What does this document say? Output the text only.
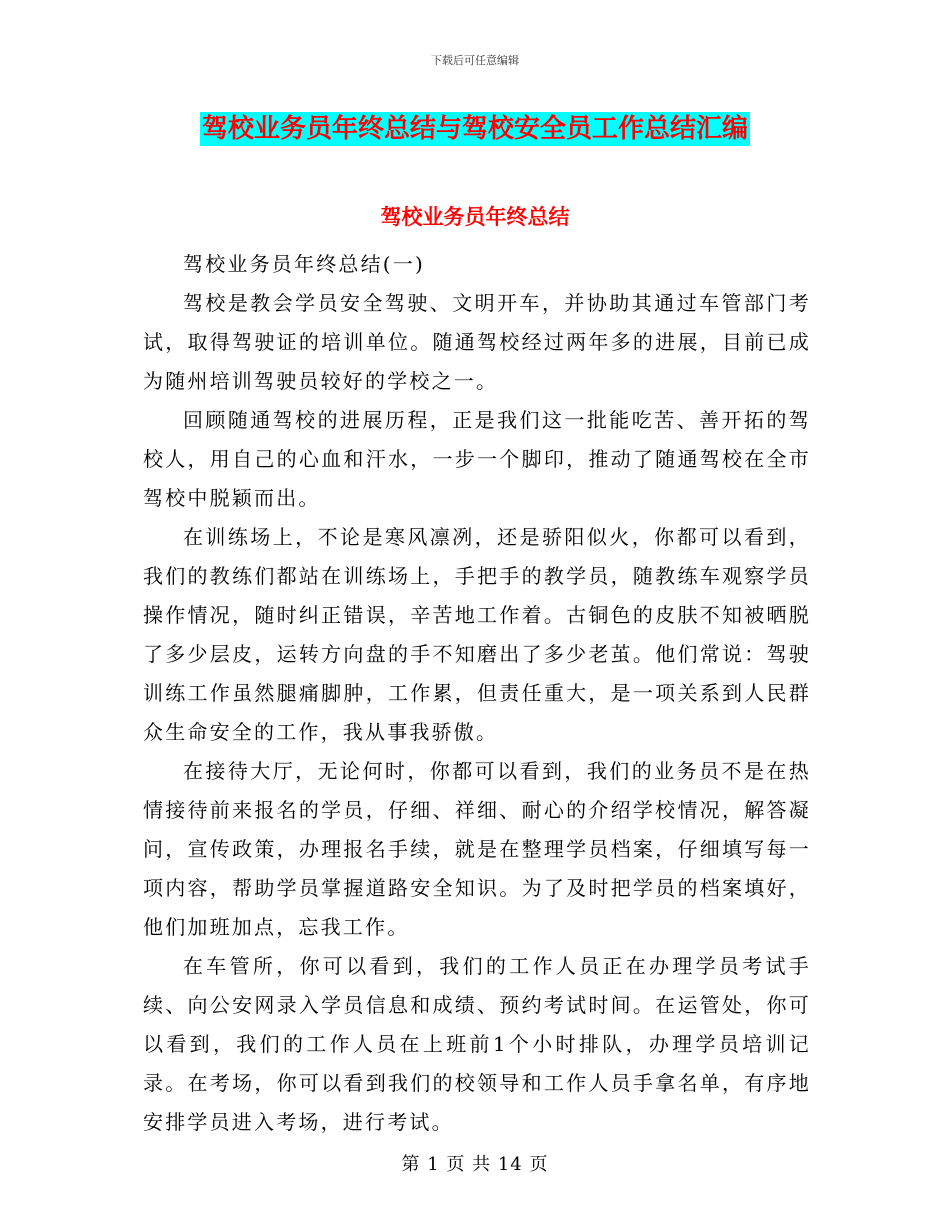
下载后可任意编辑
驾校业务员年终总结与驾校安全员工作总结汇编
驾校业务员年终总结

驾校业务员年终总结(一)

驾校是教会学员安全驾驶、文明开车，并协助其通过车管部门考试，取得驾驶证的培训单位。随通驾校经过两年多的进展，目前已成为随州培训驾驶员较好的学校之一。

回顾随通驾校的进展历程，正是我们这一批能吃苦、善开拓的驾校人，用自己的心血和汗水，一步一个脚印，推动了随通驾校在全市驾校中脱颖而出。

在训练场上，不论是寒风凛冽，还是骄阳似火，你都可以看到，我们的教练们都站在训练场上，手把手的教学员，随教练车观察学员操作情况，随时纠正错误，辛苦地工作着。古铜色的皮肤不知被晒脱了多少层皮，运转方向盘的手不知磨出了多少老茧。他们常说：驾驶训练工作虽然腿痛脚肿，工作累，但责任重大，是一项关系到人民群众生命安全的工作，我从事我骄傲。

在接待大厅，无论何时，你都可以看到，我们的业务员不是在热情接待前来报名的学员，仔细、祥细、耐心的介绍学校情况，解答凝问，宣传政策，办理报名手续，就是在整理学员档案，仔细填写每一项内容，帮助学员掌握道路安全知识。为了及时把学员的档案填好，他们加班加点，忘我工作。

在车管所，你可以看到，我们的工作人员正在办理学员考试手续、向公安网录入学员信息和成绩、预约考试时间。在运管处，你可以看到，我们的工作人员在上班前1个小时排队，办理学员培训记录。在考场，你可以看到我们的校领导和工作人员手拿名单，有序地安排学员进入考场，进行考试。

第 1 页 共 14 页
